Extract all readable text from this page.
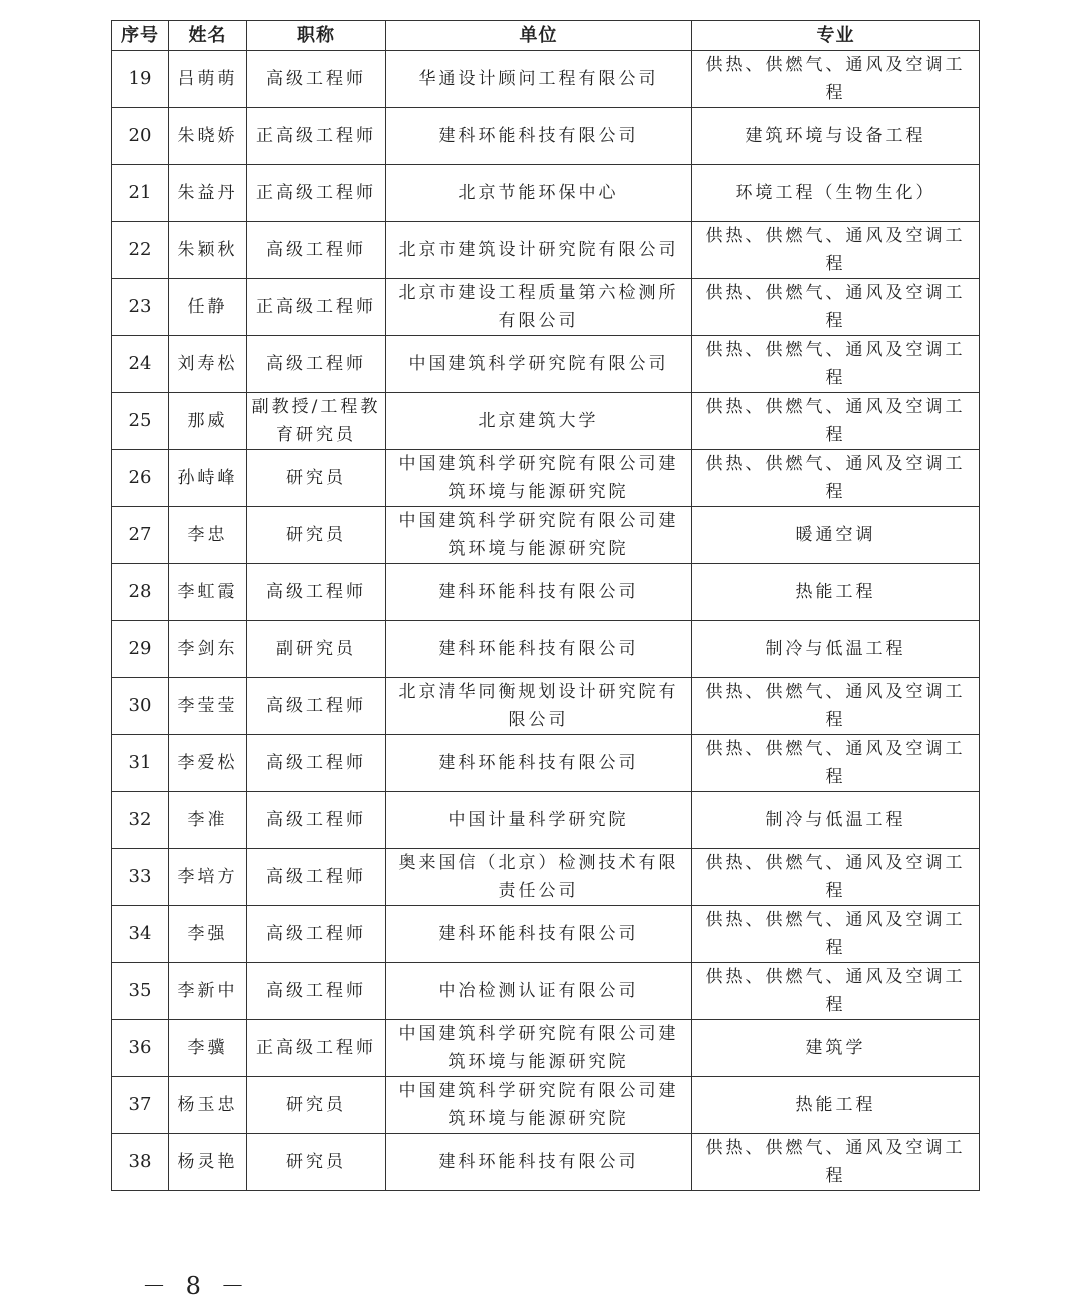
序号	姓名	职称	单位	专业
19	吕萌萌	高级工程师	华通设计顾问工程有限公司	供热、供燃气、通风及空调工程
20	朱晓娇	正高级工程师	建科环能科技有限公司	建筑环境与设备工程
21	朱益丹	正高级工程师	北京节能环保中心	环境工程（生物生化）
22	朱颖秋	高级工程师	北京市建筑设计研究院有限公司	供热、供燃气、通风及空调工程
23	任静	正高级工程师	北京市建设工程质量第六检测所有限公司	供热、供燃气、通风及空调工程
24	刘寿松	高级工程师	中国建筑科学研究院有限公司	供热、供燃气、通风及空调工程
25	那威	副教授/工程教育研究员	北京建筑大学	供热、供燃气、通风及空调工程
26	孙峙峰	研究员	中国建筑科学研究院有限公司建筑环境与能源研究院	供热、供燃气、通风及空调工程
27	李忠	研究员	中国建筑科学研究院有限公司建筑环境与能源研究院	暖通空调
28	李虹霞	高级工程师	建科环能科技有限公司	热能工程
29	李剑东	副研究员	建科环能科技有限公司	制冷与低温工程
30	李莹莹	高级工程师	北京清华同衡规划设计研究院有限公司	供热、供燃气、通风及空调工程
31	李爱松	高级工程师	建科环能科技有限公司	供热、供燃气、通风及空调工程
32	李准	高级工程师	中国计量科学研究院	制冷与低温工程
33	李培方	高级工程师	奥来国信（北京）检测技术有限责任公司	供热、供燃气、通风及空调工程
34	李强	高级工程师	建科环能科技有限公司	供热、供燃气、通风及空调工程
35	李新中	高级工程师	中冶检测认证有限公司	供热、供燃气、通风及空调工程
36	李骥	正高级工程师	中国建筑科学研究院有限公司建筑环境与能源研究院	建筑学
37	杨玉忠	研究员	中国建筑科学研究院有限公司建筑环境与能源研究院	热能工程
38	杨灵艳	研究员	建科环能科技有限公司	供热、供燃气、通风及空调工程
－ 8 －
